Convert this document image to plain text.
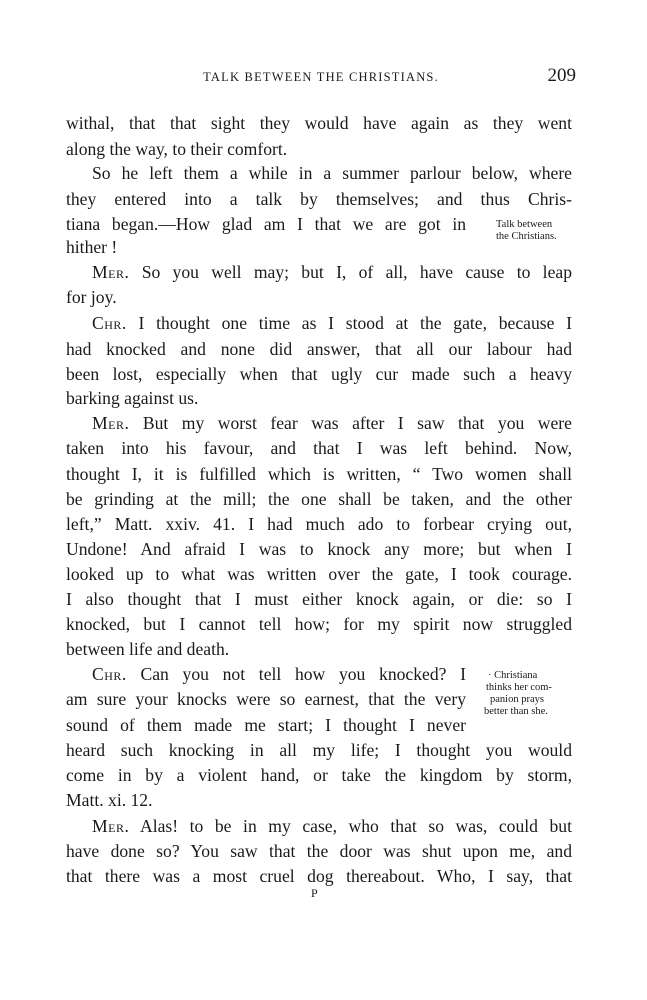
TALK BETWEEN THE CHRISTIANS.	209
withal, that that sight they would have again as they went
along the way, to their comfort.
So he left them a while in a summer parlour below, where
they entered into a talk by themselves; and thus Chris-
tiana began.—How glad am I that we are got in
hither !
Mer. So you well may; but I, of all, have cause to leap
for joy.
Chr. I thought one time as I stood at the gate, because I
had knocked and none did answer, that all our labour had
been lost, especially when that ugly cur made such a heavy
barking against us.
Mer. But my worst fear was after I saw that you were
taken into his favour, and that I was left behind. Now,
thought I, it is fulfilled which is written, “ Two women shall
be grinding at the mill; the one shall be taken, and the other
left,” Matt. xxiv. 41. I had much ado to forbear crying out,
Undone! And afraid I was to knock any more; but when I
looked up to what was written over the gate, I took courage.
I also thought that I must either knock again, or die: so I
knocked, but I cannot tell how; for my spirit now struggled
between life and death.
Chr. Can you not tell how you knocked? I
am sure your knocks were so earnest, that the very
sound of them made me start; I thought I never
heard such knocking in all my life; I thought you would
come in by a violent hand, or take the kingdom by storm,
Matt. xi. 12.
Mer. Alas! to be in my case, who that so was, could but
have done so? You saw that the door was shut upon me, and
that there was a most cruel dog thereabout. Who, I say, that
Talk between
the Christians.
· Christiana
thinks her com-
panion prays
better than she.
P
